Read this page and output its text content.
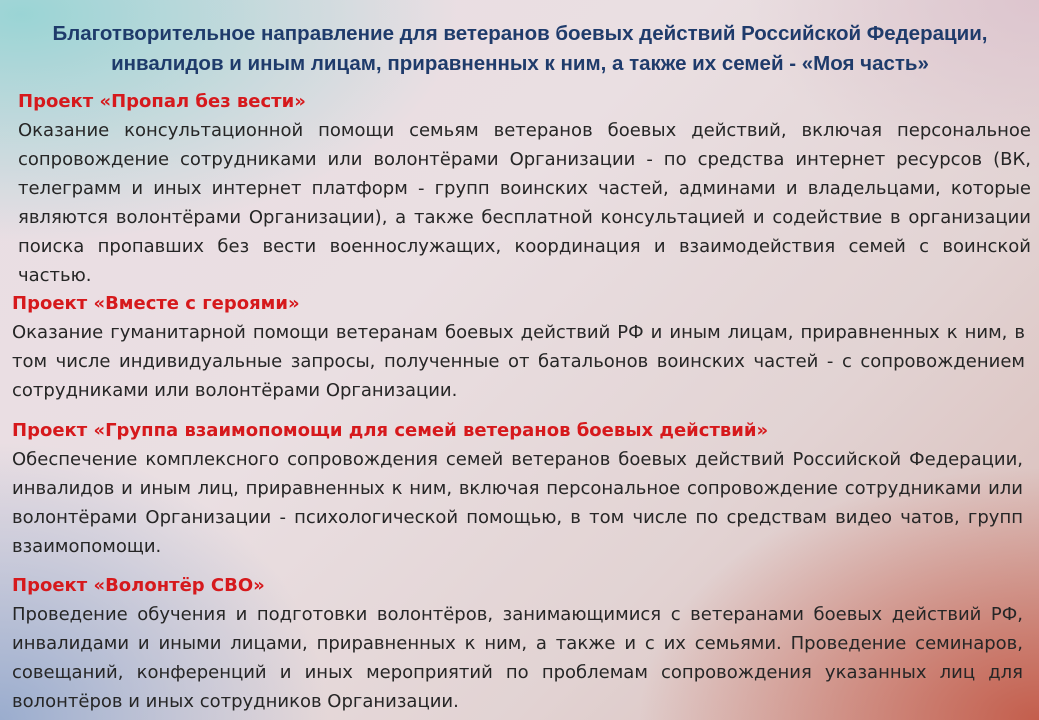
Благотворительное направление для ветеранов боевых действий Российской Федерации, инвалидов и иным лицам, приравненных к ним, а также их семей - «Моя часть»
Проект «Пропал без вести»

Оказание консультационной помощи семьям ветеранов боевых действий, включая персональное сопровождение сотрудниками или волонтёрами Организации - по средства интернет ресурсов (ВК, телеграмм и иных интернет платформ - групп воинских частей, админами и владельцами, которые являются волонтёрами Организации), а также бесплатной консультацией и содействие в организации поиска пропавших без вести военнослужащих, координация и взаимодействия семей с воинской частью.

Проект «Вместе с героями»

Оказание гуманитарной помощи ветеранам боевых действий РФ и иным лицам, приравненных к ним, в том числе индивидуальные запросы, полученные от батальонов воинских частей - с сопровождением сотрудниками или волонтёрами Организации.

Проект «Группа взаимопомощи для семей ветеранов боевых действий»

Обеспечение комплексного сопровождения семей ветеранов боевых действий Российской Федерации, инвалидов и иным лиц, приравненных к ним, включая персональное сопровождение сотрудниками или волонтёрами Организации - психологической помощью, в том числе по средствам видео чатов, групп взаимопомощи.

Проект «Волонтёр СВО»

Проведение обучения и подготовки волонтёров, занимающимися с ветеранами боевых действий РФ, инвалидами и иными лицами, приравненных к ним, а также и с их семьями. Проведение семинаров, совещаний, конференций и иных мероприятий по проблемам сопровождения указанных лиц для волонтёров и иных сотрудников Организации.
